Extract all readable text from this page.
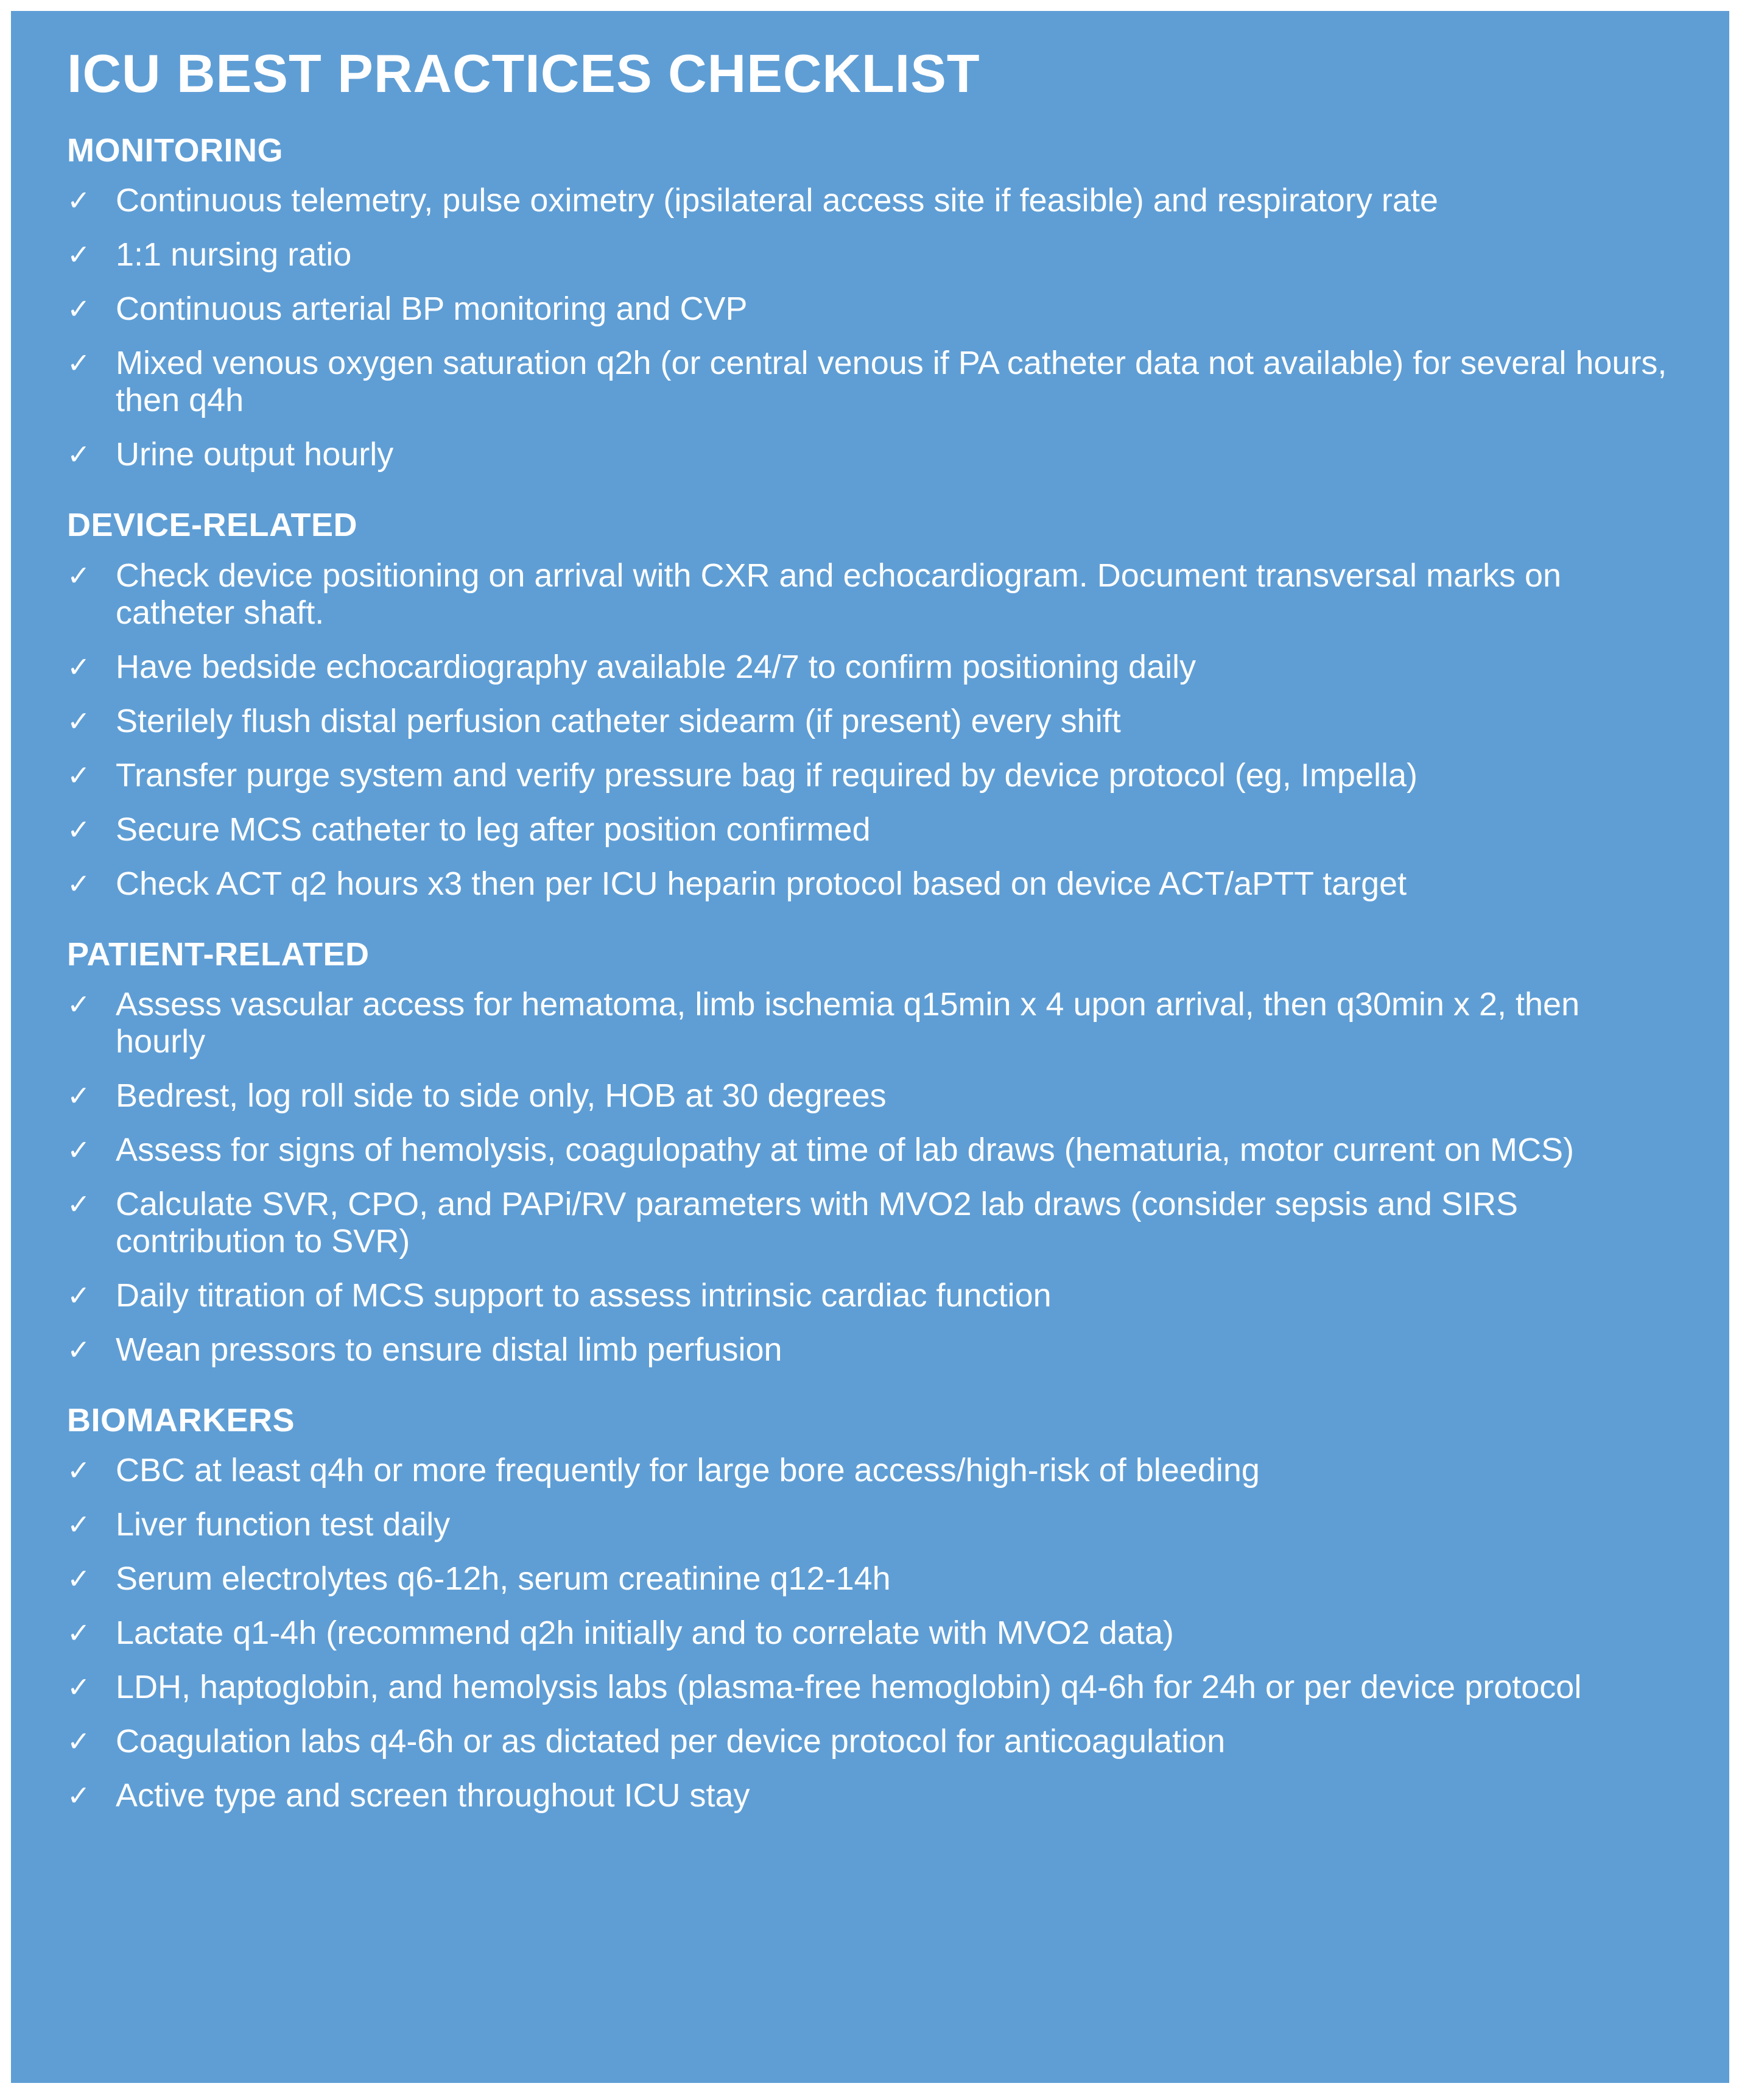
ICU BEST PRACTICES CHECKLIST
MONITORING
✓ Continuous telemetry, pulse oximetry (ipsilateral access site if feasible) and respiratory rate
✓ 1:1 nursing ratio
✓ Continuous arterial BP monitoring and CVP
✓ Mixed venous oxygen saturation q2h (or central venous if PA catheter data not available) for several hours, then q4h
✓ Urine output hourly
DEVICE-RELATED
✓ Check device positioning on arrival with CXR and echocardiogram. Document transversal marks on catheter shaft.
✓ Have bedside echocardiography available 24/7 to confirm positioning daily
✓ Sterilely flush distal perfusion catheter sidearm (if present) every shift
✓ Transfer purge system and verify pressure bag if required by device protocol (eg, Impella)
✓ Secure MCS catheter to leg after position confirmed
✓ Check ACT q2 hours x3 then per ICU heparin protocol based on device ACT/aPTT target
PATIENT-RELATED
✓ Assess vascular access for hematoma, limb ischemia q15min x 4 upon arrival, then q30min x 2, then hourly
✓ Bedrest, log roll side to side only, HOB at 30 degrees
✓ Assess for signs of hemolysis, coagulopathy at time of lab draws (hematuria, motor current on MCS)
✓ Calculate SVR, CPO, and PAPi/RV parameters with MVO2 lab draws (consider sepsis and SIRS contribution to SVR)
✓ Daily titration of MCS support to assess intrinsic cardiac function
✓ Wean pressors to ensure distal limb perfusion
BIOMARKERS
✓ CBC at least q4h or more frequently for large bore access/high-risk of bleeding
✓ Liver function test daily
✓ Serum electrolytes q6-12h, serum creatinine q12-14h
✓ Lactate q1-4h (recommend q2h initially and to correlate with MVO2 data)
✓ LDH, haptoglobin, and hemolysis labs (plasma-free hemoglobin) q4-6h for 24h or per device protocol
✓ Coagulation labs q4-6h or as dictated per device protocol for anticoagulation
✓ Active type and screen throughout ICU stay
